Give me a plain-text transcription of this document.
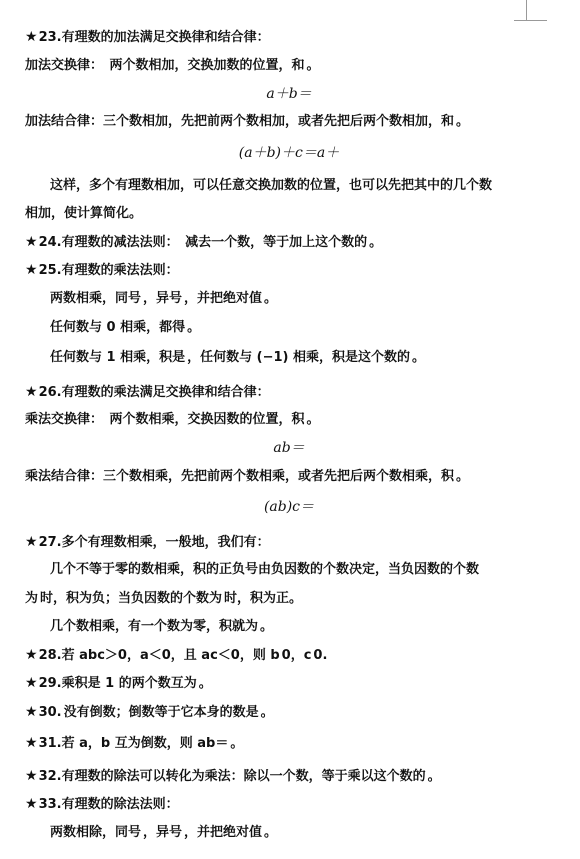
★23.有理数的加法满足交换律和结合律：
加法交换律：　两个数相加，交换加数的位置，和 。
a＋b＝
加法结合律：三个数相加，先把前两个数相加，或者先把后两个数相加，和 。
(a＋b)＋c＝a＋
这样，多个有理数相加，可以任意交换加数的位置，也可以先把其中的几个数
相加，使计算简化。
★24.有理数的减法法则：　减去一个数，等于加上这个数的 。
★25.有理数的乘法法则：
两数相乘，同号 ，异号 ，并把绝对值 。
任何数与 0 相乘，都得 。
任何数与 1 相乘，积是 ，任何数与 (−1) 相乘，积是这个数的 。
★26.有理数的乘法满足交换律和结合律：
乘法交换律：　两个数相乘，交换因数的位置，积 。
ab＝
乘法结合律：三个数相乘，先把前两个数相乘，或者先把后两个数相乘，积 。
(ab)c＝
★27.多个有理数相乘，一般地，我们有：
几个不等于零的数相乘，积的正负号由负因数的个数决定，当负因数的个数
为 时，积为负；当负因数的个数为 时，积为正。
几个数相乘，有一个数为零，积就为 。
★28.若 abc＞0，a＜0，且 ac＜0，则 b 0，c 0.
★29.乘积是 1 的两个数互为 。
★30. 没有倒数；倒数等于它本身的数是 。
★31.若 a，b 互为倒数，则 ab＝ 。
★32.有理数的除法可以转化为乘法：除以一个数，等于乘以这个数的 。
★33.有理数的除法法则：
两数相除，同号 ，异号 ，并把绝对值 。
